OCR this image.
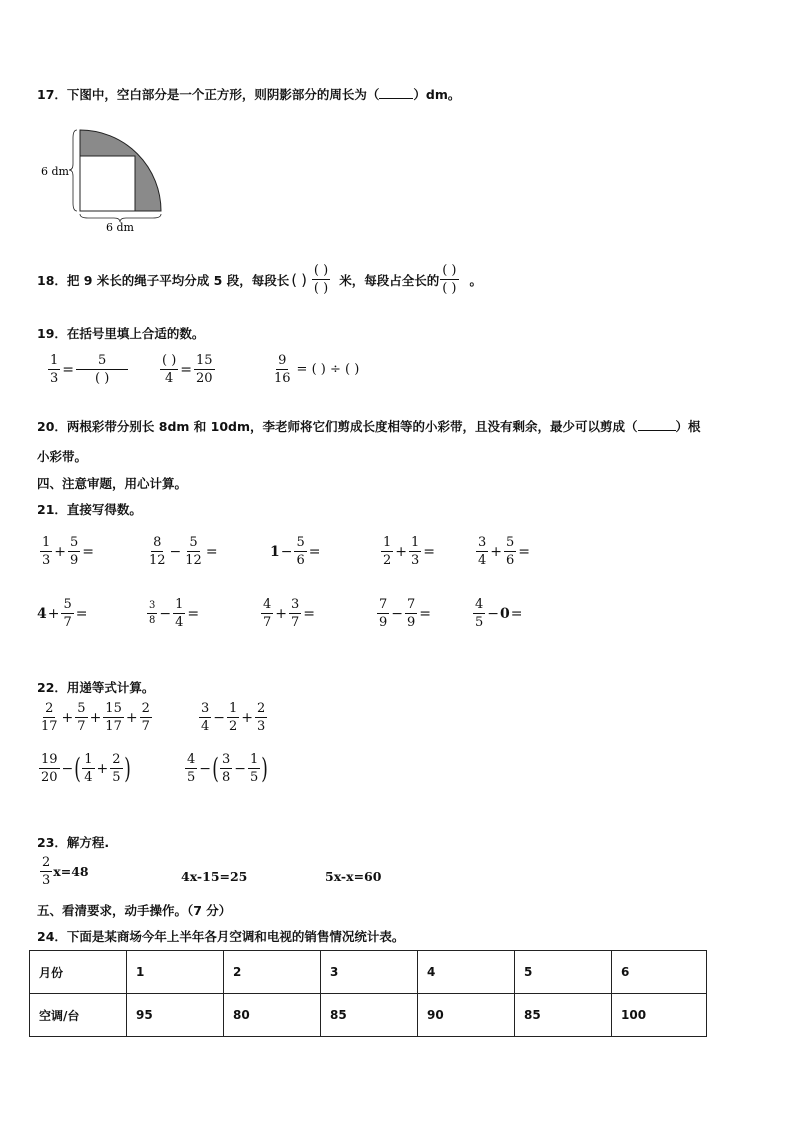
17．下图中，空白部分是一个正方形，则阴影部分的周长为（	）dm。
6 dm
6 dm
18．把 9 米长的绳子平均分成 5 段，每段长 ( ) $\frac{( )}{( )}$ 米，每段占全长的 $\frac{( )}{( )}$ 。
19．在括号里填上合适的数。
$\frac{1}{3} = \frac{5}{( )} \frac{( )}{4} = \frac{15}{20}$	$\frac{9}{16}$ = ( ) ÷ ( )
20．两根彩带分别长 8dm 和 10dm，李老师将它们剪成长度相等的小彩带，且没有剩余，最少可以剪成（	）根
小彩带。
四、注意审题，用心计算。
21．直接写得数。
$\frac{1}{3} + \frac{5}{9}$ =	$\frac{8}{12} - \frac{5}{12}$ =	$1 - \frac{5}{6}$ =	$\frac{1}{2} + \frac{1}{3}$ =	$\frac{3}{4} + \frac{5}{6}$ =
$4 + \frac{5}{7}$ =	$\frac{3}{8} - \frac{1}{4}$ =	$\frac{4}{7} + \frac{3}{7}$ =	$\frac{7}{9} - \frac{7}{9}$ =	$\frac{4}{5} - 0$ =
22．用递等式计算。
$\frac{2}{17} + \frac{5}{7} + \frac{15}{17} + \frac{2}{7}$	$\frac{3}{4} - \frac{1}{2} + \frac{2}{3}$
$\frac{19}{20}$ − ( $\frac{1}{4} + \frac{2}{5}$ )	$\frac{4}{5}$ − ( $\frac{3}{8} - \frac{1}{5}$ )
23．解方程.
$\frac{2}{3} x=48$	4x-15=25	5x-x=60
五、看清要求，动手操作。（7 分）
24．下面是某商场今年上半年各月空调和电视的销售情况统计表。
月份	1	2	3	4	5	6
空调/台	95	80	85	90	85	100
